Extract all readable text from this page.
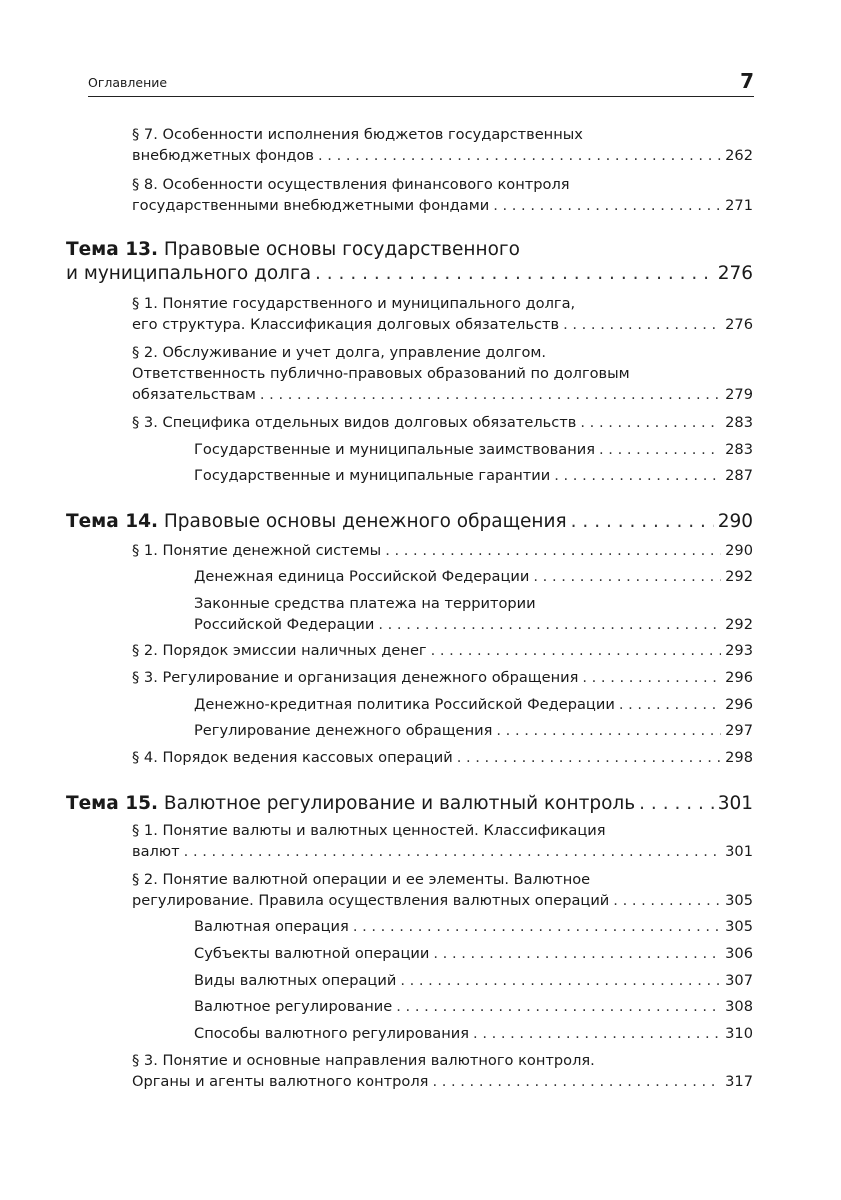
Оглавление	7
§ 7. Особенности исполнения бюджетов государственных
внебюджетных фондов . . .	262
§ 8. Особенности осуществления финансового контроля
государственными внебюджетными фондами . . .	271
Тема 13. Правовые основы государственного
и муниципального долга . . .	276
§ 1. Понятие государственного и муниципального долга,
его структура. Классификация долговых обязательств . . .	276
§ 2. Обслуживание и учет долга, управление долгом.
Ответственность публично-правовых образований по долговым
обязательствам . . .	279
§ 3. Специфика отдельных видов долговых обязательств . . .	283
Государственные и муниципальные заимствования . . .	283
Государственные и муниципальные гарантии . . .	287
Тема 14. Правовые основы денежного обращения . . .	290
§ 1. Понятие денежной системы . . .	290
Денежная единица Российской Федерации . . .	292
Законные средства платежа на территории
Российской Федерации . . .	292
§ 2. Порядок эмиссии наличных денег . . .	293
§ 3. Регулирование и организация денежного обращения . . .	296
Денежно-кредитная политика Российской Федерации . . .	296
Регулирование денежного обращения . . .	297
§ 4. Порядок ведения кассовых операций . . .	298
Тема 15. Валютное регулирование и валютный контроль . . .	301
§ 1. Понятие валюты и валютных ценностей. Классификация
валют . . .	301
§ 2. Понятие валютной операции и ее элементы. Валютное
регулирование. Правила осуществления валютных операций . . .	305
Валютная операция . . .	305
Субъекты валютной операции . . .	306
Виды валютных операций . . .	307
Валютное регулирование . . .	308
Способы валютного регулирования . . .	310
§ 3. Понятие и основные направления валютного контроля.
Органы и агенты валютного контроля . . .	317
